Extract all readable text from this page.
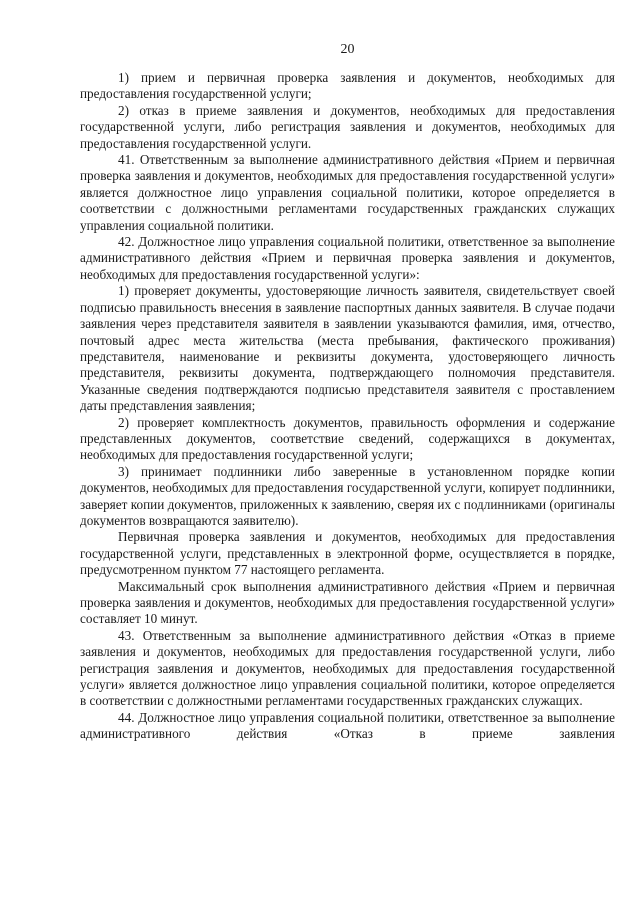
20

1) прием и первичная проверка заявления и документов, необходимых для предоставления государственной услуги;

2) отказ в приеме заявления и документов, необходимых для предоставления государственной услуги, либо регистрация заявления и документов, необходимых для предоставления государственной услуги.

41. Ответственным за выполнение административного действия «Прием и первичная проверка заявления и документов, необходимых для предоставления государственной услуги» является должностное лицо управления социальной политики, которое определяется в соответствии с должностными регламентами государственных гражданских служащих управления социальной политики.

42. Должностное лицо управления социальной политики, ответственное за выполнение административного действия «Прием и первичная проверка заявления и документов, необходимых для предоставления государственной услуги»:

1) проверяет документы, удостоверяющие личность заявителя, свидетельствует своей подписью правильность внесения в заявление паспортных данных заявителя. В случае подачи заявления через представителя заявителя в заявлении указываются фамилия, имя, отчество, почтовый адрес места жительства (места пребывания, фактического проживания) представителя, наименование и реквизиты документа, удостоверяющего личность представителя, реквизиты документа, подтверждающего полномочия представителя. Указанные сведения подтверждаются подписью представителя заявителя с проставлением даты представления заявления;

2) проверяет комплектность документов, правильность оформления и содержание представленных документов, соответствие сведений, содержащихся в документах, необходимых для предоставления государственной услуги;

3) принимает подлинники либо заверенные в установленном порядке копии документов, необходимых для предоставления государственной услуги, копирует подлинники, заверяет копии документов, приложенных к заявлению, сверяя их с подлинниками (оригиналы документов возвращаются заявителю).

Первичная проверка заявления и документов, необходимых для предоставления государственной услуги, представленных в электронной форме, осуществляется в порядке, предусмотренном пунктом 77 настоящего регламента.

Максимальный срок выполнения административного действия «Прием и первичная проверка заявления и документов, необходимых для предоставления государственной услуги» составляет 10 минут.

43. Ответственным за выполнение административного действия «Отказ в приеме заявления и документов, необходимых для предоставления государственной услуги, либо регистрация заявления и документов, необходимых для предоставления государственной услуги» является должностное лицо управления социальной политики, которое определяется в соответствии с должностными регламентами государственных гражданских служащих.

44. Должностное лицо управления социальной политики, ответственное за выполнение административного действия «Отказ в приеме заявления
